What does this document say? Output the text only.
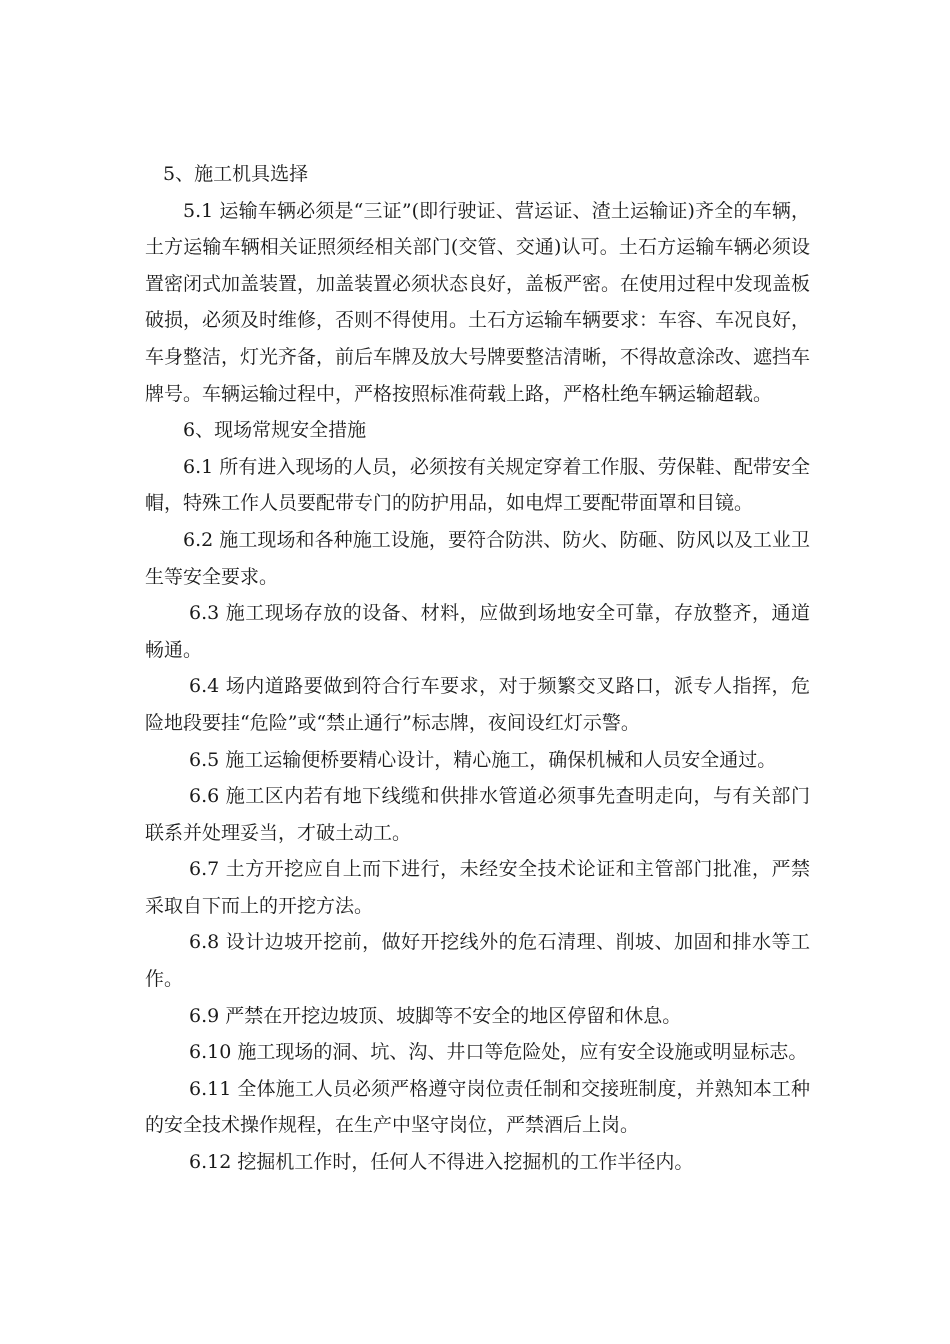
5、施工机具选择

5.1 运输车辆必须是“三证”(即行驶证、营运证、渣土运输证)齐全的车辆，土方运输车辆相关证照须经相关部门(交管、交通)认可。土石方运输车辆必须设置密闭式加盖装置，加盖装置必须状态良好，盖板严密。在使用过程中发现盖板破损，必须及时维修，否则不得使用。土石方运输车辆要求：车容、车况良好，车身整洁，灯光齐备，前后车牌及放大号牌要整洁清晰，不得故意涂改、遮挡车牌号。车辆运输过程中，严格按照标准荷载上路，严格杜绝车辆运输超载。

6、现场常规安全措施

6.1 所有进入现场的人员，必须按有关规定穿着工作服、劳保鞋、配带安全帽，特殊工作人员要配带专门的防护用品，如电焊工要配带面罩和目镜。

6.2 施工现场和各种施工设施，要符合防洪、防火、防砸、防风以及工业卫生等安全要求。

6.3 施工现场存放的设备、材料，应做到场地安全可靠，存放整齐，通道畅通。

6.4 场内道路要做到符合行车要求，对于频繁交叉路口，派专人指挥，危险地段要挂“危险”或“禁止通行”标志牌，夜间设红灯示警。

6.5 施工运输便桥要精心设计，精心施工，确保机械和人员安全通过。

6.6 施工区内若有地下线缆和供排水管道必须事先查明走向，与有关部门联系并处理妥当，才破土动工。

6.7 土方开挖应自上而下进行，未经安全技术论证和主管部门批准，严禁采取自下而上的开挖方法。

6.8 设计边坡开挖前，做好开挖线外的危石清理、削坡、加固和排水等工作。

6.9 严禁在开挖边坡顶、坡脚等不安全的地区停留和休息。

6.10 施工现场的洞、坑、沟、井口等危险处，应有安全设施或明显标志。

6.11 全体施工人员必须严格遵守岗位责任制和交接班制度，并熟知本工种的安全技术操作规程，在生产中坚守岗位，严禁酒后上岗。

6.12 挖掘机工作时，任何人不得进入挖掘机的工作半径内。
